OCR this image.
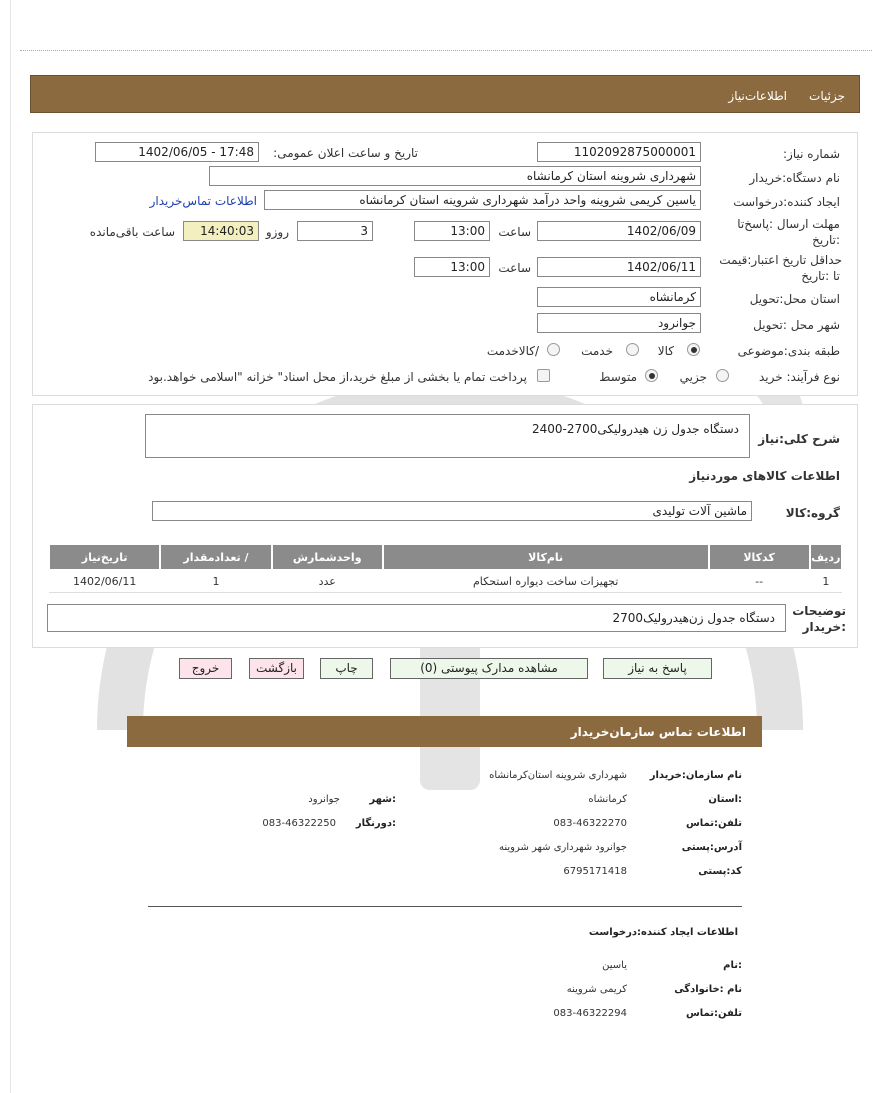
جزئیات
اطلاعات‌نیاز
شماره نیاز:
1102092875000001
تاریخ و ساعت اعلان عمومی:
1402/06/05 - 17:48
نام دستگاه:خریدار
شهرداری شروینه استان کرمانشاه
ایجاد کننده:درخواست
یاسین کریمی شروینه واحد درآمد شهرداری شروینه استان کرمانشاه
اطلاعات تماس‌خریدار
مهلت ارسال :پاسخ‌تا
:تاریخ
1402/06/09
ساعت
13:00
3
روزو
14:40:03
ساعت باقی‌مانده
حداقل تاریخ اعتبار:قیمت
تا :تاریخ
1402/06/11
ساعت
13:00
استان محل:تحویل
کرمانشاه
شهر محل :تحویل
جوانرود
طبقه بندی:موضوعی
کالا
خدمت
/کالاخدمت
نوع فرآیند: خرید
جزیي
متوسط
پرداخت تمام یا بخشی از مبلغ خرید،از محل اسناد" خزانه "اسلامی خواهد.بود
شرح کلی:نیاز
دستگاه جدول زن هیدرولیکی2700-2400
اطلاعات کالاهای موردنیاز
گروه:کالا
ماشین آلات تولیدی
ردیف	کدکالا	نام‌کالا	واحدشمارش	/ تعدادمقدار	تاریخ‌نیاز
1	--	تجهیزات ساخت دیواره استحکام	عدد	1	1402/06/11
توضیحات
:خریدار
دستگاه جدول زن‌هیدرولیک2700
پاسخ به نیاز
مشاهده مدارک پیوستی (0)
چاپ
بازگشت
خروج
اطلاعات تماس سازمان‌خریدار
نام سازمان:خریدار
شهرداری شروینه استان‌کرمانشاه
:استان
کرمانشاه
:شهر
جوانرود
تلفن:تماس
083-46322270
:دورنگار
083-46322250
آدرس:پستی
جوانرود شهرداری شهر شروینه
کد:پستی
6795171418
اطلاعات ایجاد کننده:درخواست
:نام
یاسین
نام :خانوادگی
کریمی شروینه
تلفن:تماس
083-46322294
